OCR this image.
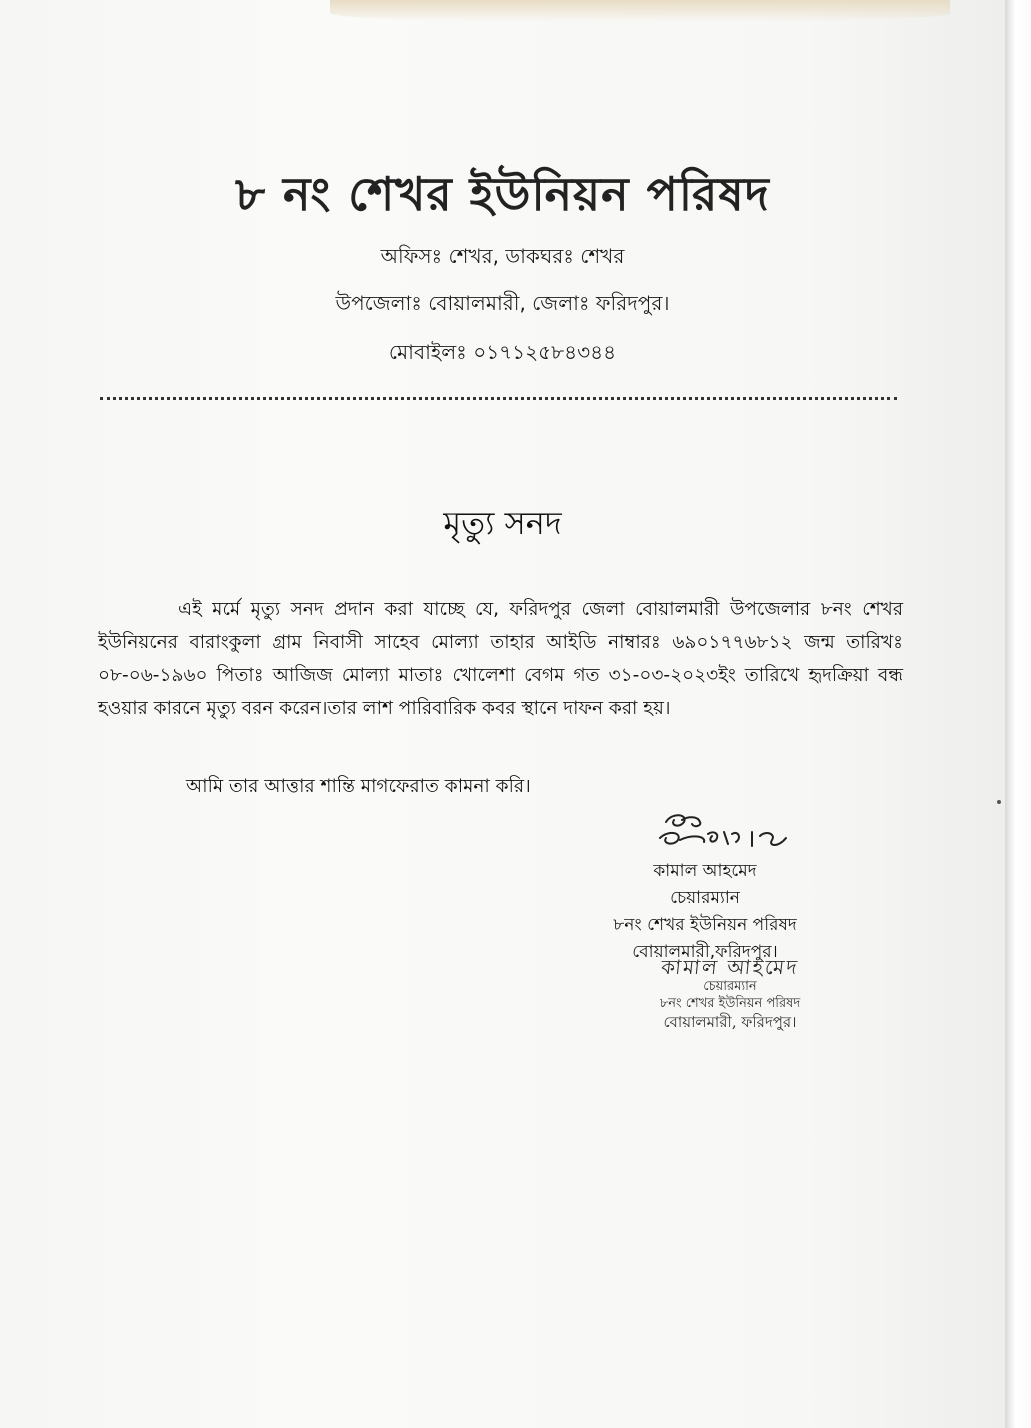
৮ নং শেখর ইউনিয়ন পরিষদ
অফিসঃ শেখর, ডাকঘরঃ শেখর
উপজেলাঃ বোয়ালমারী, জেলাঃ ফরিদপুর।
মোবাইলঃ ০১৭১২৫৮৪৩৪৪
মৃত্যু সনদ
এই মর্মে মৃত্যু সনদ প্রদান করা যাচ্ছে যে, ফরিদপুর জেলা বোয়ালমারী উপজেলার ৮নং শেখর ইউনিয়নের বারাংকুলা গ্রাম নিবাসী সাহেব মোল্যা তাহার আইডি নাম্বারঃ ৬৯০১৭৭৬৮১২ জন্ম তারিখঃ ০৮-০৬-১৯৬০ পিতাঃ আজিজ মোল্যা মাতাঃ খোলেশা বেগম গত ৩১-০৩-২০২৩ইং তারিখে হৃদক্রিয়া বন্ধ হওয়ার কারনে মৃত্যু বরন করেন।তার লাশ পারিবারিক কবর স্থানে দাফন করা হয়।
আমি তার আত্তার শান্তি মাগফেরাত কামনা করি।
কামাল আহমেদ
চেয়ারম্যান
৮নং শেখর ইউনিয়ন পরিষদ
বোয়ালমারী,ফরিদপুর।
কামাল আহমেদ
চেয়ারম্যান
৮নং শেখর ইউনিয়ন পরিষদ
বোয়ালমারী, ফরিদপুর।
